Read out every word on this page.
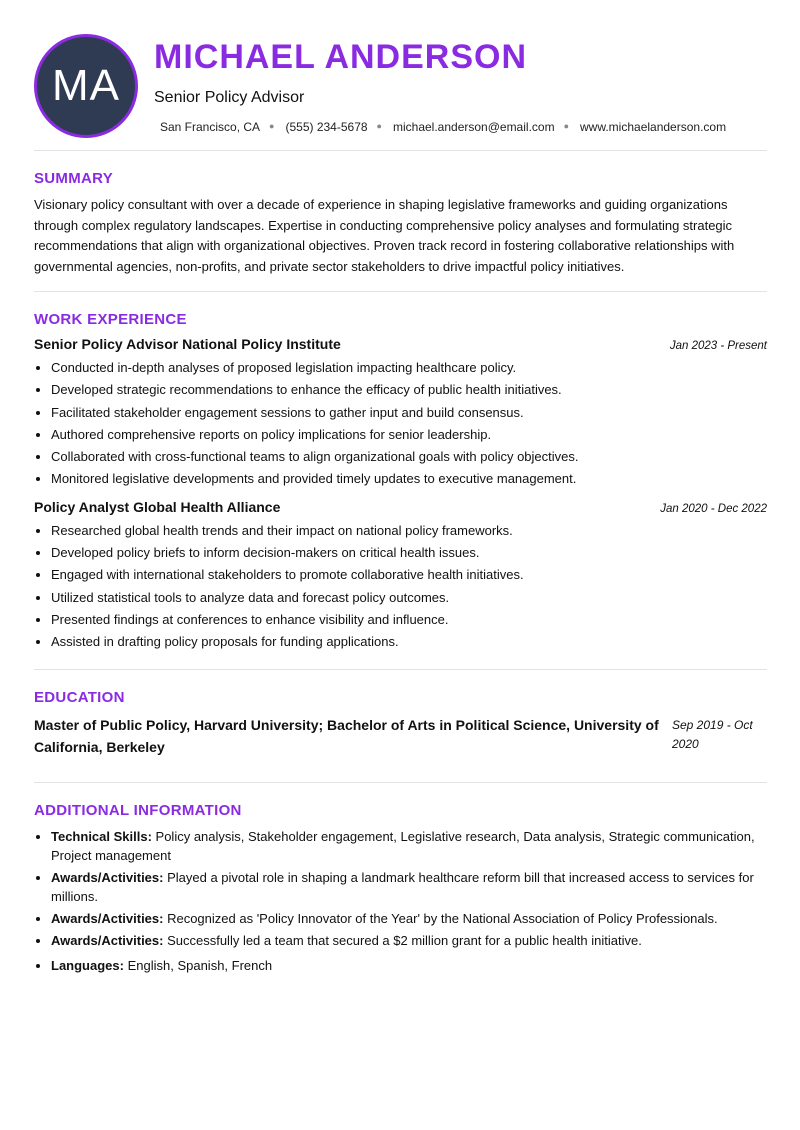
MA
MICHAEL ANDERSON
Senior Policy Advisor
San Francisco, CA ● (555) 234-5678 ● michael.anderson@email.com ● www.michaelanderson.com
SUMMARY

Visionary policy consultant with over a decade of experience in shaping legislative frameworks and guiding organizations through complex regulatory landscapes. Expertise in conducting comprehensive policy analyses and formulating strategic recommendations that align with organizational objectives. Proven track record in fostering collaborative relationships with governmental agencies, non-profits, and private sector stakeholders to drive impactful policy initiatives.

WORK EXPERIENCE
Senior Policy Advisor National Policy Institute	Jan 2023 - Present
• Conducted in-depth analyses of proposed legislation impacting healthcare policy.
• Developed strategic recommendations to enhance the efficacy of public health initiatives.
• Facilitated stakeholder engagement sessions to gather input and build consensus.
• Authored comprehensive reports on policy implications for senior leadership.
• Collaborated with cross-functional teams to align organizational goals with policy objectives.
• Monitored legislative developments and provided timely updates to executive management.
Policy Analyst Global Health Alliance	Jan 2020 - Dec 2022
• Researched global health trends and their impact on national policy frameworks.
• Developed policy briefs to inform decision-makers on critical health issues.
• Engaged with international stakeholders to promote collaborative health initiatives.
• Utilized statistical tools to analyze data and forecast policy outcomes.
• Presented findings at conferences to enhance visibility and influence.
• Assisted in drafting policy proposals for funding applications.
EDUCATION
Master of Public Policy, Harvard University; Bachelor of Arts in Political Science, University of California, Berkeley
Sep 2019 - Oct 2020
ADDITIONAL INFORMATION
• Technical Skills: Policy analysis, Stakeholder engagement, Legislative research, Data analysis, Strategic communication, Project management
• Awards/Activities: Played a pivotal role in shaping a landmark healthcare reform bill that increased access to services for millions.
• Awards/Activities: Recognized as 'Policy Innovator of the Year' by the National Association of Policy Professionals.
• Awards/Activities: Successfully led a team that secured a $2 million grant for a public health initiative.
• Languages: English, Spanish, French
